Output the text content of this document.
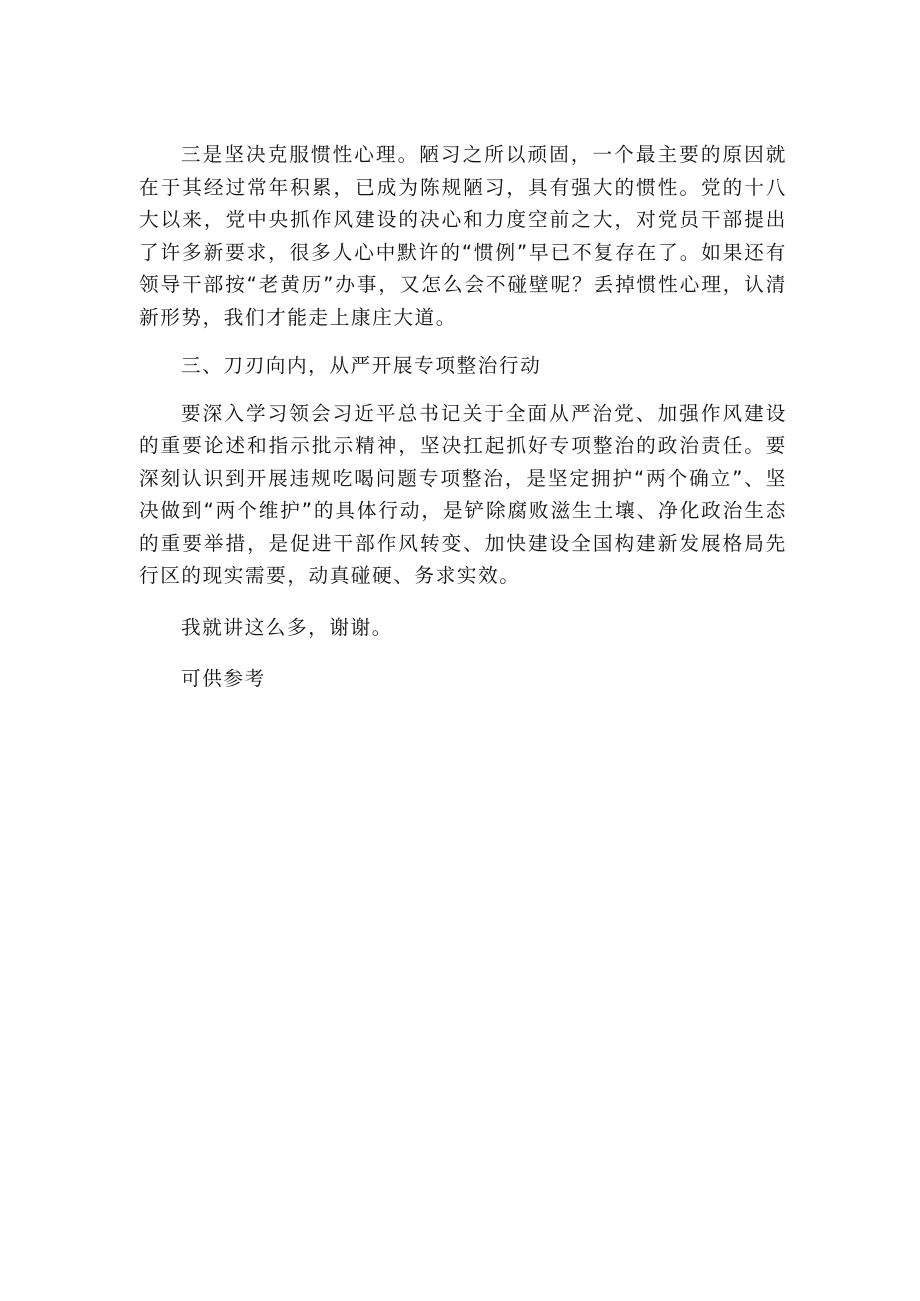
三是坚决克服惯性心理。陋习之所以顽固，一个最主要的原因就在于其经过常年积累，已成为陈规陋习，具有强大的惯性。党的十八大以来，党中央抓作风建设的决心和力度空前之大，对党员干部提出了许多新要求，很多人心中默许的“惯例”早已不复存在了。如果还有领导干部按“老黄历”办事，又怎么会不碰壁呢？丢掉惯性心理，认清新形势，我们才能走上康庄大道。

三、刀刃向内，从严开展专项整治行动

要深入学习领会习近平总书记关于全面从严治党、加强作风建设的重要论述和指示批示精神，坚决扛起抓好专项整治的政治责任。要深刻认识到开展违规吃喝问题专项整治，是坚定拥护“两个确立”、坚决做到“两个维护”的具体行动，是铲除腐败滋生土壤、净化政治生态的重要举措，是促进干部作风转变、加快建设全国构建新发展格局先行区的现实需要，动真碰硬、务求实效。

我就讲这么多，谢谢。

可供参考
